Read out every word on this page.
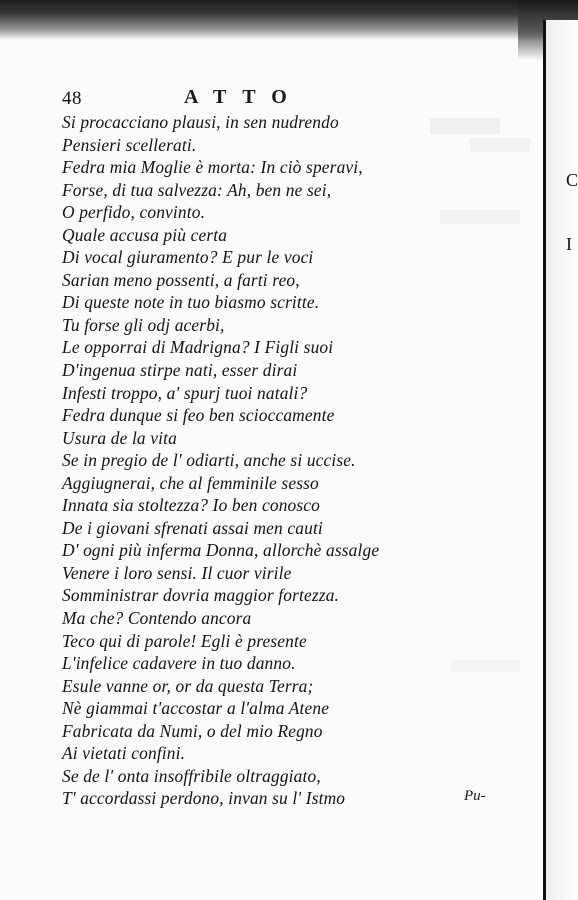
C
I
48	ATTO
Si procacciano plausi, in sen nudrendo
Pensieri scellerati.
Fedra mia Moglie è morta: In ciò speravi,
Forse, di tua salvezza: Ah, ben ne sei,
O perfido, convinto.
Quale accusa più certa
Di vocal giuramento? E pur le voci
Sarian meno possenti, a farti reo,
Di queste note in tuo biasmo scritte.
Tu forse gli odj acerbi,
Le opporrai di Madrigna? I Figli suoi
D'ingenua stirpe nati, esser dirai
Infesti troppo, a' spurj tuoi natali?
Fedra dunque si feo ben scioccamente
Usura de la vita
Se in pregio de l' odiarti, anche si uccise.
Aggiugnerai, che al femminile sesso
Innata sia stoltezza? Io ben conosco
De i giovani sfrenati assai men cauti
D' ogni più inferma Donna, allorchè assalge
Venere i loro sensi. Il cuor virile
Somministrar dovria maggior fortezza.
Ma che? Contendo ancora
Teco qui di parole! Egli è presente
L'infelice cadavere in tuo danno.
Esule vanne or, or da questa Terra;
Nè giammai t'accostar a l'alma Atene
Fabricata da Numi, o del mio Regno
Ai vietati confini.
Se de l' onta insoffribile oltraggiato,
T' accordassi perdono, invan su l' Istmo	Pu-
